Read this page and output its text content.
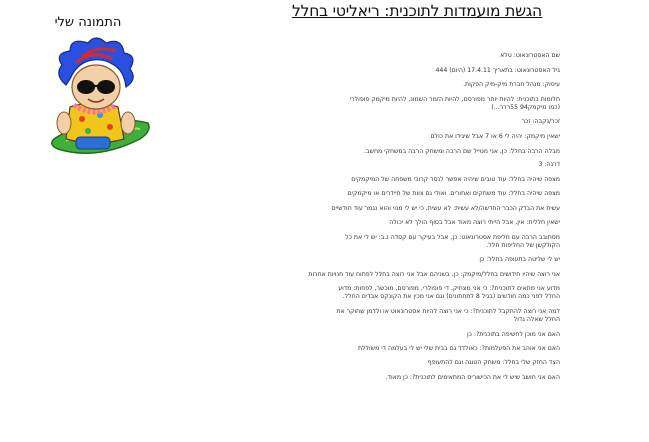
הגשת מועמדות לתוכנית: ריאליטי בחלל
התמונה שלי
שם האסטרונאוט: טלא
גיל האסטרונאוט: בתאריך 17.4.11 (היום) 444
עיסוק: מנהל חברת מיק-מיק הפקות.
חלומות בתוכנית: להיות יותר מפורסם, להיות הזמר השמונ, להיות מיקמק פופולרי (כמו מיקמק94 55ררר...)
זכר/נקבה: זכר
ישאין מיקמק: יהיה לי 6 או 7 אבל שיגידו את כולם
מבלה הרבה בחלל: כן, אני מטייל שם הרבה ומשחק הרבה במשחקי מחשב.
דרגה: 3
מצפה שיהיה בחלל: עוד טובים שיהיה אפשר לנסר קרובי משפחה של המיקמקים
מצפה שיהיה בחלל: עוד משחקים ואחורים. ואולי גם צוות של חיידרים או מיקמקים
עשית את הבדק הכבר החדשה/לא עשית: לא עשית, כי יש לי מנוי והוא נגמר עוד חודשיים
ישאין חללית: אין, אבל הייתי רוצה מאוד אבל בסוף הולך לא יכולה
מסתובב הרבה עם חליפת אסטרונאוט: כן, אבל בעיקר עם קסדה נ.ב: יש לי את כל הקולקשן של החליפות חלל.
יש לי שליטה בתעופה בחלל: כן
אני רוצה שיהיו חידושים בחלל/מיקמק: כן, בשניהם אבל אני רוצה בחלל לפתוח עוד חנויות אחרות
מדוע אני מתאים לתוכנית?: כי אני מצחיק, די פופולרי, מפורסם, מוכשר, לפחות: מדוע החלל לפני כמה חודשים (בגיל 8 לתחתונים) וגם אני מכין את הקונקס אבדים החלל.
למה אני רוצה להתקבל לתוכנית?: כי אני רוצה להיות אסטרונאוט או ולדמן שחוקר את החלל שאלה גדול
האם אני מוכן לחשיפה בתוכנית?: כן
האם אני אוהב את הפעלמות?: כאולדד גם בבית שלי יש לי בעלמה די משוללת
הצד החזק שלי בחלל: משחק הטוגה וגם להתעופף
האם אני חושב שיש לי את הכישורים המתאימים לתוכנית?: כן מאוד.
